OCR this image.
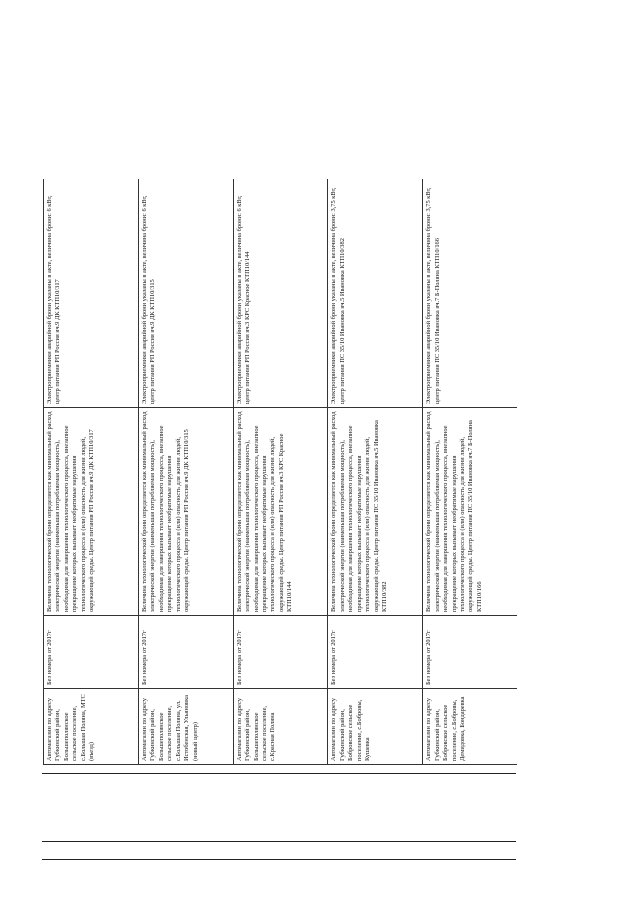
Автомагазин по адресу Губкинский район, Большеполянское сельское поселение, с.Большая Поляна, МТС (въезд)	Без номера от 2017г	Величина технологической брони определяется как минимальный расход электрической энергии (наименьшая потребляемая мощность), необходимая для завершения технологического процесса, внезапное прекращение которых вызывает необратимые нарушения технологического процесса и (или) опасность для жизни людей, окружающей среды. Центр питания РП Россия яч.9 ДК КТП10/317	Электроприемники аварийной брони указаны в акте, величина брони: 6 кВт, центр питания РП Россия яч.9 ДК КТП10/317

Автомагазин по адресу Губкинский район, Большеполянское сельское поселение, с.Большая Поляна, ул. Истобенская, Ульяновка (новый центр)	Без номера от 2017г	Величина технологической брони определяется как минимальный расход электрической энергии (наименьшая потребляемая мощность), необходимая для завершения технологического процесса, внезапное прекращение которых вызывает необратимые нарушения технологического процесса и (или) опасность для жизни людей, окружающей среды. Центр питания РП Россия яч.9 ДК КТП10/315	Электроприемники аварийной брони указаны в акте, величина брони: 6 кВт, центр питания РП Россия яч.9 ДК КТП10/315

Автомагазин по адресу Губкинский район, Большеполянское сельское поселение, с.Красная Поляна	Без номера от 2017г	Величина технологической брони определяется как минимальный расход электрической энергии (наименьшая потребляемая мощность), необходимая для завершения технологического процесса, внезапное прекращение которых вызывает необратимые нарушения технологического процесса и (или) опасность для жизни людей, окружающей среды. Центр питания РП Россия яч.3 КРС Красное КТП10/144	Электроприемники аварийной брони указаны в акте, величина брони: 6 кВт, центр питания РП Россия яч.3 КРС Красное КТП10/144

Автомагазин по адресу Губкинский район, Бобровское сельское поселение, с.Бобровы, Кушевка	Без номера от 2017г	Величина технологической брони определяется как минимальный расход электрической энергии (наименьшая потребляемая мощность), необходимая для завершения технологического процесса, внезапное прекращение которых вызывает необратимые нарушения технологического процесса и (или) опасность для жизни людей, окружающей среды. Центр питания ПС 35/10 Ивановка яч.5 Ивановка КТП10/382	Электроприемники аварийной брони указаны в акте, величина брони: 3,75 кВт, центр питания ПС 35/10 Ивановка яч.5 Ивановка КТП10/382

Автомагазин по адресу Губкинский район, Бобровское сельское поселение, с.Бобровы, Демидовка, Бондаревка	Без номера от 2017г	Величина технологической брони определяется как минимальный расход электрической энергии (наименьшая потребляемая мощность), необходимая для завершения технологического процесса, внезапное прекращение которых вызывает необратимые нарушения технологического процесса и (или) опасность для жизни людей, окружающей среды. Центр питания ПС 35/10 Ивановка яч.7 Б-Поляна КТП10/166	Электроприемники аварийной брони указаны в акте, величина брони: 3,75 кВт, центр питания ПС 35/10 Ивановка яч.7 Б-Поляна КТП10/166
